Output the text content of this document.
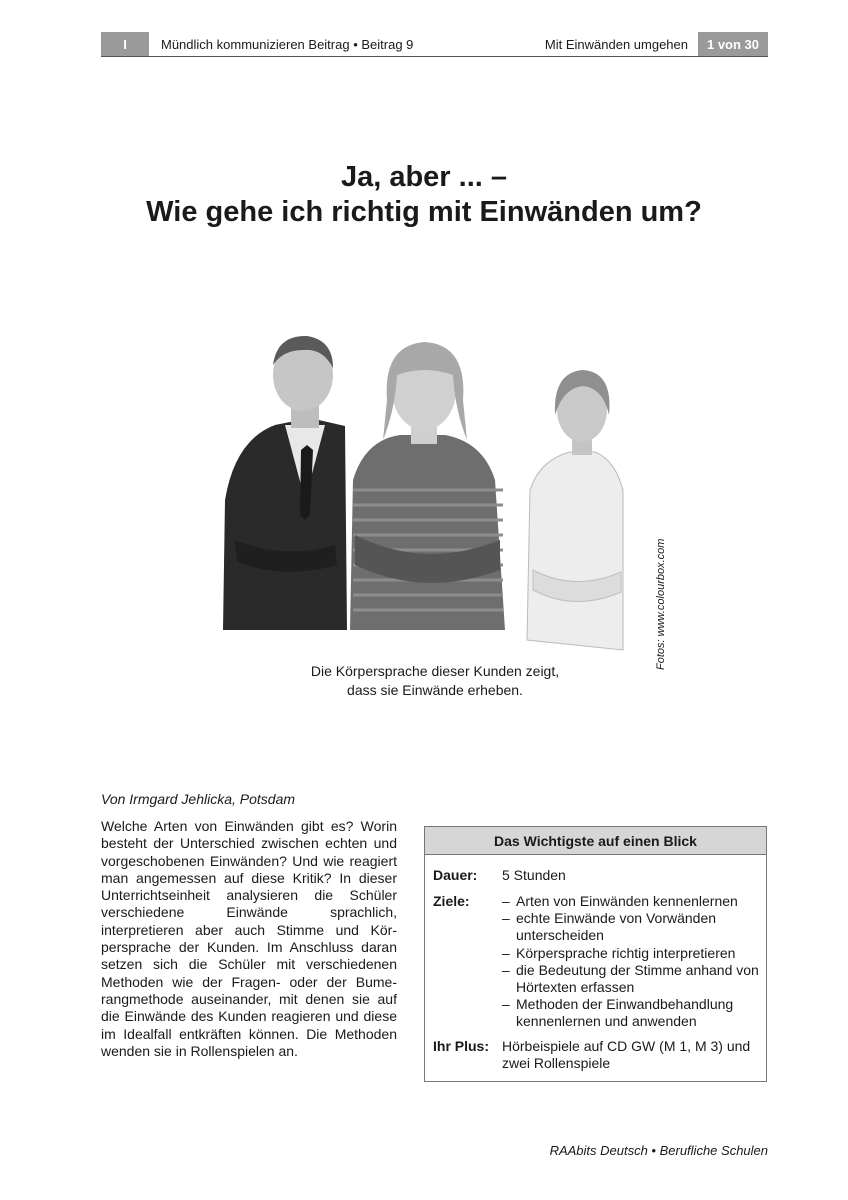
I	Mündlich kommunizieren Beitrag • Beitrag 9	Mit Einwänden umgehen	1 von 30
Ja, aber ... –
Wie gehe ich richtig mit Einwänden um?
Fotos: www.colourbox.com
Die Körpersprache dieser Kunden zeigt,
dass sie Einwände erheben.
Von Irmgard Jehlicka, Potsdam

Welche Arten von Einwänden gibt es? Worin besteht der Unterschied zwischen echten und vorgeschobenen Einwänden? Und wie reagiert man angemessen auf diese Kritik? In dieser Unterrichtseinheit analysieren die Schüler verschiedene Einwände sprachlich, interpretieren aber auch Stimme und Körpersprache der Kunden. Im Anschluss daran setzen sich die Schüler mit verschiedenen Methoden wie der Fragen- oder der Bumerangmethode auseinander, mit denen sie auf die Einwände des Kunden reagieren und diese im Idealfall entkräften können. Die Methoden wenden sie in Rollenspielen an.

Das Wichtigste auf einen Blick
Dauer:	5 Stunden
Ziele:	– Arten von Einwänden kennenlernen
– echte Einwände von Vorwänden unterscheiden
– Körpersprache richtig interpretieren
– die Bedeutung der Stimme anhand von Hörtexten erfassen
– Methoden der Einwandbehandlung kennenlernen und anwenden
Ihr Plus: Hörbeispiele auf CD GW (M 1, M 3) und zwei Rollenspiele
RAAbits Deutsch • Berufliche Schulen
